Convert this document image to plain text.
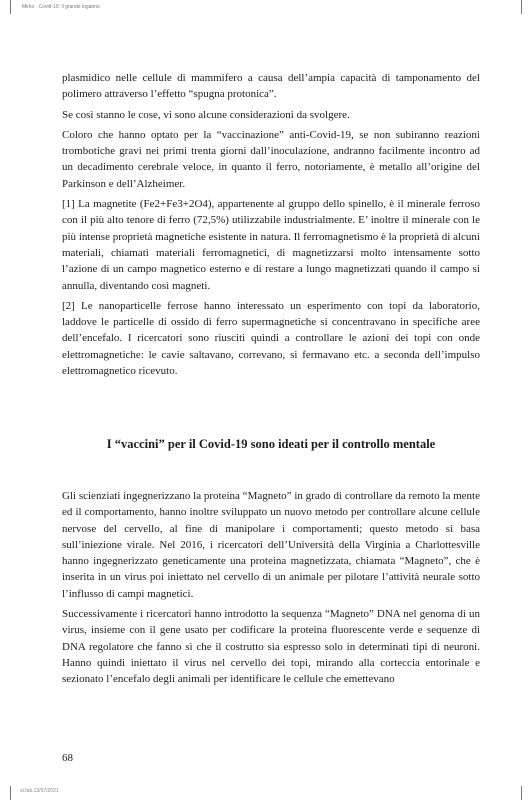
Mirko · Covid-19: il grande inganno

plasmidico nelle cellule di mammifero a causa dell’ampia capacità di tamponamento del polimero attraverso l’effetto “spugna protonica”.

Se così stanno le cose, vi sono alcune considerazioni da svolgere.

Coloro che hanno optato per la “vaccinazione” anti-Covid-19, se non subiranno reazioni trombotiche gravi nei primi trenta giorni dall’inoculazione, andranno facilmente incontro ad un decadimento cerebrale veloce, in quanto il ferro, notoriamente, è metallo all’origine del Parkinson e dell’Alzheimer.

[1] La magnetite (Fe2+Fe3+2O4), appartenente al gruppo dello spinello, è il minerale ferroso con il più alto tenore di ferro (72,5%) utilizzabile industrialmente. E’ inoltre il minerale con le più intense proprietà magnetiche esistente in natura. Il ferromagnetismo è la proprietà di alcuni materiali, chiamati materiali ferromagnetici, di magnetizzarsi molto intensamente sotto l’azione di un campo magnetico esterno e di restare a lungo magnetizzati quando il campo si annulla, diventando così magneti.

[2] Le nanoparticelle ferrose hanno interessato un esperimento con topi da laboratorio, laddove le particelle di ossido di ferro supermagnetiche si concentravano in specifiche aree dell’encefalo. I ricercatori sono riusciti quindi a controllare le azioni dei topi con onde elettromagnetiche: le cavie saltavano, correvano, si fermavano etc. a seconda dell’impulso elettromagnetico ricevuto.

I “vaccini” per il Covid-19 sono ideati per il controllo mentale

Gli scienziati ingegnerizzano la proteina “Magneto” in grado di controllare da remoto la mente ed il comportamento, hanno inoltre sviluppato un nuovo metodo per controllare alcune cellule nervose del cervello, al fine di manipolare i comportamenti; questo metodo si basa sull’iniezione virale. Nel 2016, i ricercatori dell’Università della Virginia a Charlottesville hanno ingegnerizzato geneticamente una proteina magnetizzata, chiamata “Magneto”, che è inserita in un virus poi iniettato nel cervello di un animale per pilotare l’attività neurale sotto l’influsso di campi magnetici.

Successivamente i ricercatori hanno introdotto la sequenza “Magneto” DNA nel genoma di un virus, insieme con il gene usato per codificare la proteina fluorescente verde e sequenze di DNA regolatore che fanno sì che il costrutto sia espresso solo in determinati tipi di neuroni. Hanno quindi iniettato il virus nel cervello dei topi, mirando alla corteccia entorinale e sezionato l’encefalo degli animali per identificare le cellule che emettevano

68
st.fab.13/07/2021
